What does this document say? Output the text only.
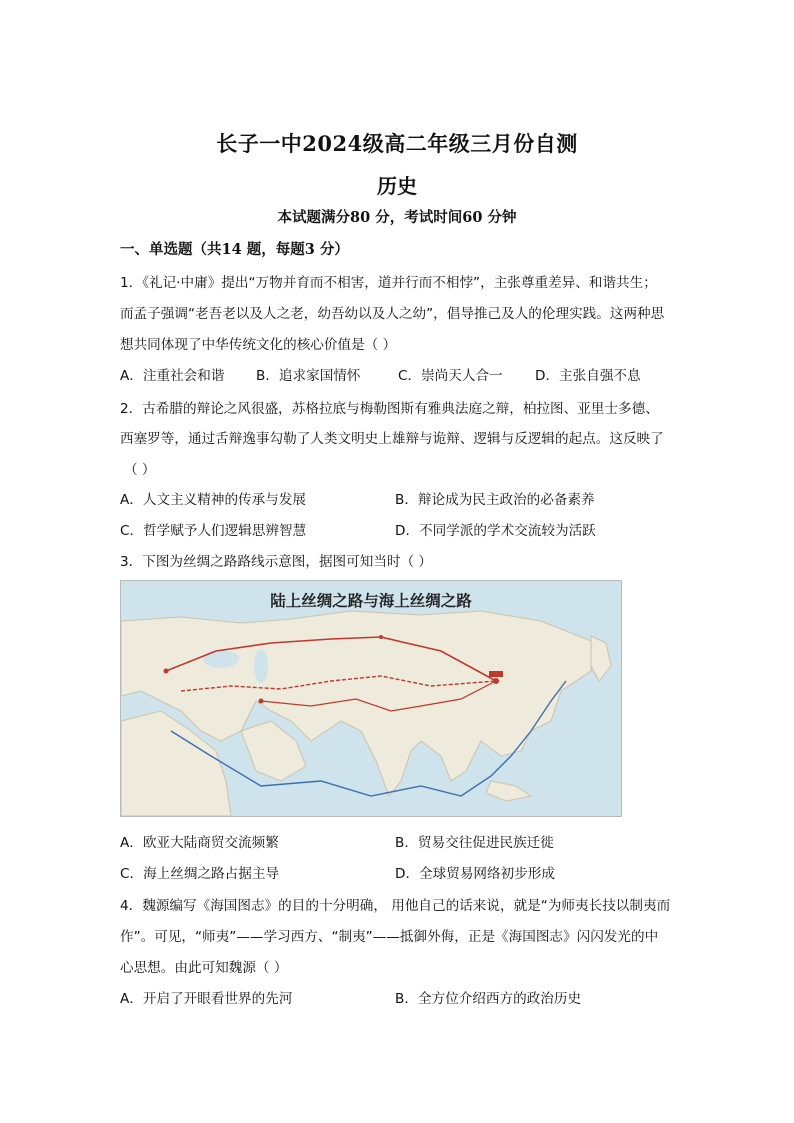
长子一中2024级高二年级三月份自测
历史
本试题满分80 分，考试时间60 分钟
一、单选题（共14 题，每题3 分）
1．《礼记·中庸》提出“万物并育而不相害，道并行而不相悖”，主张尊重差异、和谐共生；
而孟子强调“老吾老以及人之老，幼吾幼以及人之幼”，倡导推己及人的伦理实践。这两种思
想共同体现了中华传统文化的核心价值是（ ）
A．注重社会和谐 B．追求家国情怀	C．崇尚天人合一 D．主张自强不息
2．古希腊的辩论之风很盛，苏格拉底与梅勒图斯有雅典法庭之辩，柏拉图、亚里士多德、
西塞罗等，通过舌辩逸事勾勒了人类文明史上雄辩与诡辩、逻辑与反逻辑的起点。这反映了
（ ）
A．人文主义精神的传承与发展	B．辩论成为民主政治的必备素养
C．哲学赋予人们逻辑思辨智慧	D．不同学派的学术交流较为活跃
3．下图为丝绸之路路线示意图，据图可知当时（ ）
陆上丝绸之路与海上丝绸之路
A．欧亚大陆商贸交流频繁	B．贸易交往促进民族迁徙
C．海上丝绸之路占据主导	D．全球贸易网络初步形成
4．魏源编写《海国图志》的目的十分明确， 用他自己的话来说，就是“为师夷长技以制夷而
作”。可见，“师夷”——学习西方、“制夷”——抵御外侮，正是《海国图志》闪闪发光的中
心思想。由此可知魏源（ ）
A．开启了开眼看世界的先河	B．全方位介绍西方的政治历史
